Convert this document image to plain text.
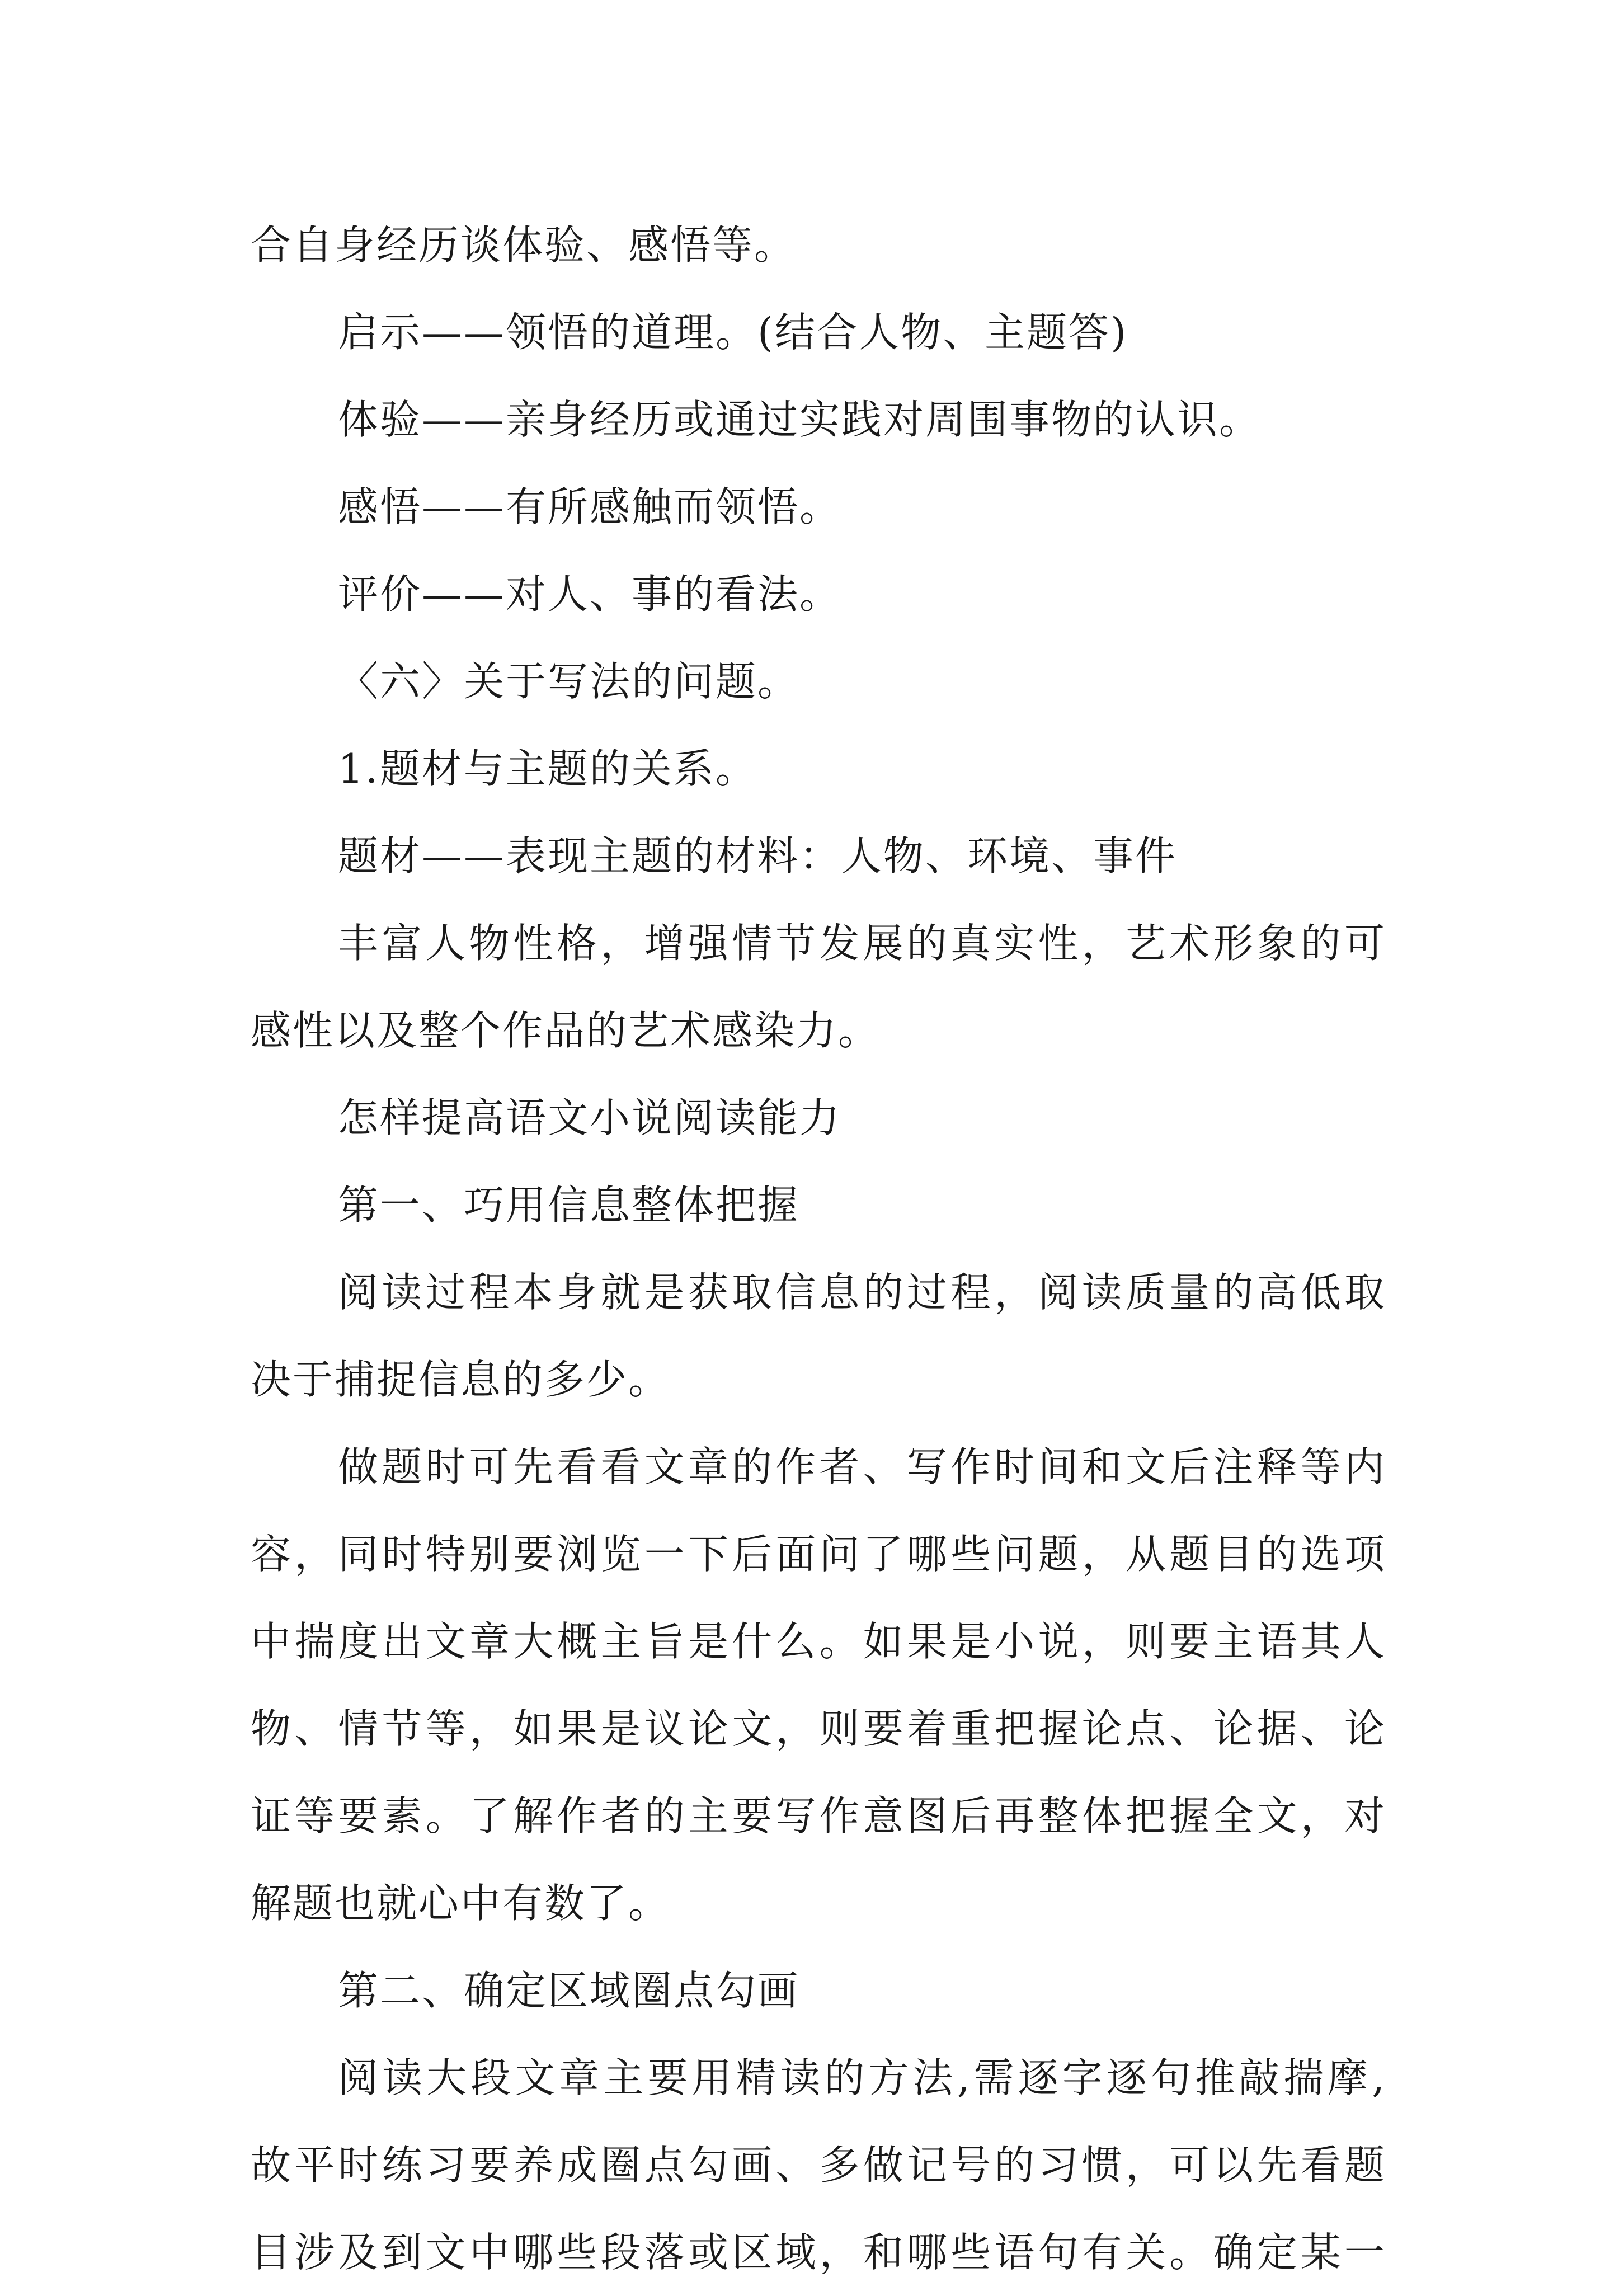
合自身经历谈体验、感悟等。
启示——领悟的道理。(结合人物、主题答)
体验——亲身经历或通过实践对周围事物的认识。
感悟——有所感触而领悟。
评价——对人、事的看法。
〈六〉关于写法的问题。
1.题材与主题的关系。
题材——表现主题的材料：人物、环境、事件
丰富人物性格，增强情节发展的真实性，艺术形象的可
感性以及整个作品的艺术感染力。
怎样提高语文小说阅读能力
第一、巧用信息整体把握
阅读过程本身就是获取信息的过程，阅读质量的高低取
决于捕捉信息的多少。
做题时可先看看文章的作者、写作时间和文后注释等内
容，同时特别要浏览一下后面问了哪些问题，从题目的选项
中揣度出文章大概主旨是什么。如果是小说，则要主语其人
物、情节等，如果是议论文，则要着重把握论点、论据、论
证等要素。了解作者的主要写作意图后再整体把握全文，对
解题也就心中有数了。
第二、确定区域圈点勾画
阅读大段文章主要用精读的方法,需逐字逐句推敲揣摩,
故平时练习要养成圈点勾画、多做记号的习惯，可以先看题
目涉及到文中哪些段落或区域，和哪些语句有关。确定某一
